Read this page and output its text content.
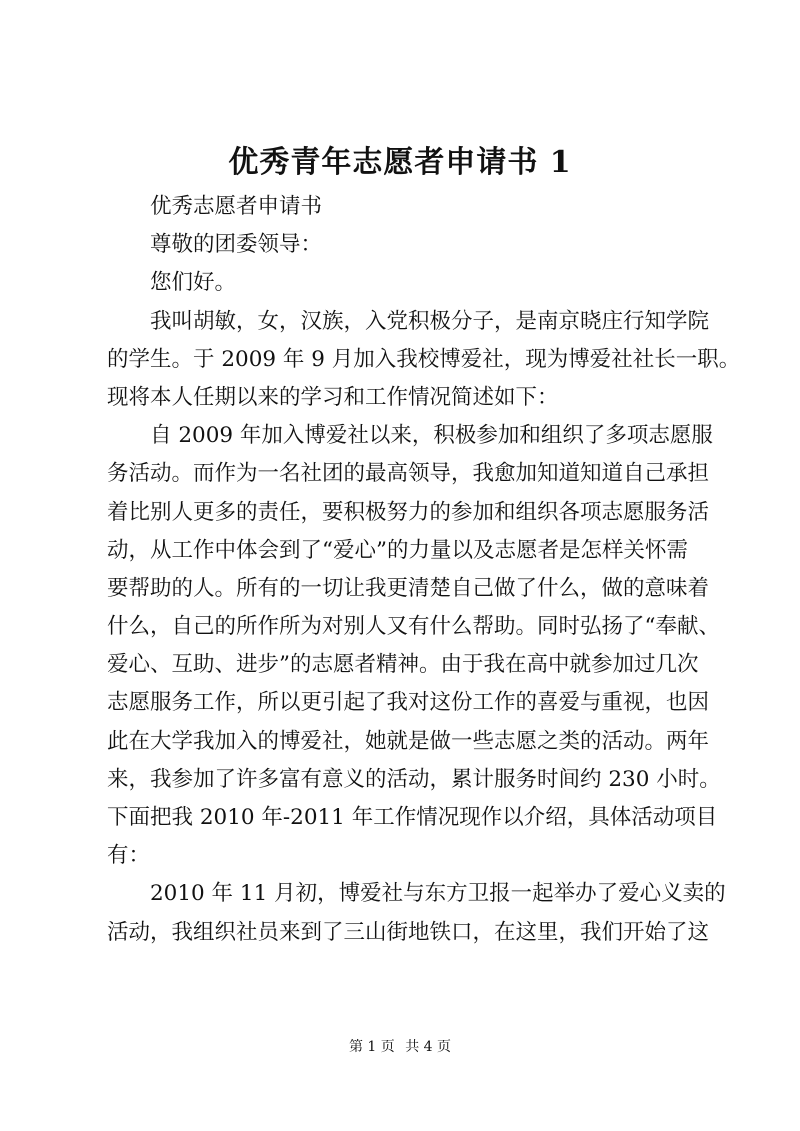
优秀青年志愿者申请书 1
优秀志愿者申请书
尊敬的团委领导：
您们好。
我叫胡敏，女，汉族，入党积极分子，是南京晓庄行知学院
的学生。于 2009 年 9 月加入我校博爱社，现为博爱社社长一职。
现将本人任期以来的学习和工作情况简述如下：
自 2009 年加入博爱社以来，积极参加和组织了多项志愿服
务活动。而作为一名社团的最高领导，我愈加知道知道自己承担
着比别人更多的责任，要积极努力的参加和组织各项志愿服务活
动，从工作中体会到了“爱心”的力量以及志愿者是怎样关怀需
要帮助的人。所有的一切让我更清楚自己做了什么，做的意味着
什么，自己的所作所为对别人又有什么帮助。同时弘扬了“奉献、
爱心、互助、进步”的志愿者精神。由于我在高中就参加过几次
志愿服务工作，所以更引起了我对这份工作的喜爱与重视，也因
此在大学我加入的博爱社，她就是做一些志愿之类的活动。两年
来，我参加了许多富有意义的活动，累计服务时间约 230 小时。
下面把我 2010 年-2011 年工作情况现作以介绍，具体活动项目
有：
2010 年 11 月初，博爱社与东方卫报一起举办了爱心义卖的
活动，我组织社员来到了三山街地铁口，在这里，我们开始了这
第 1 页 共 4 页
